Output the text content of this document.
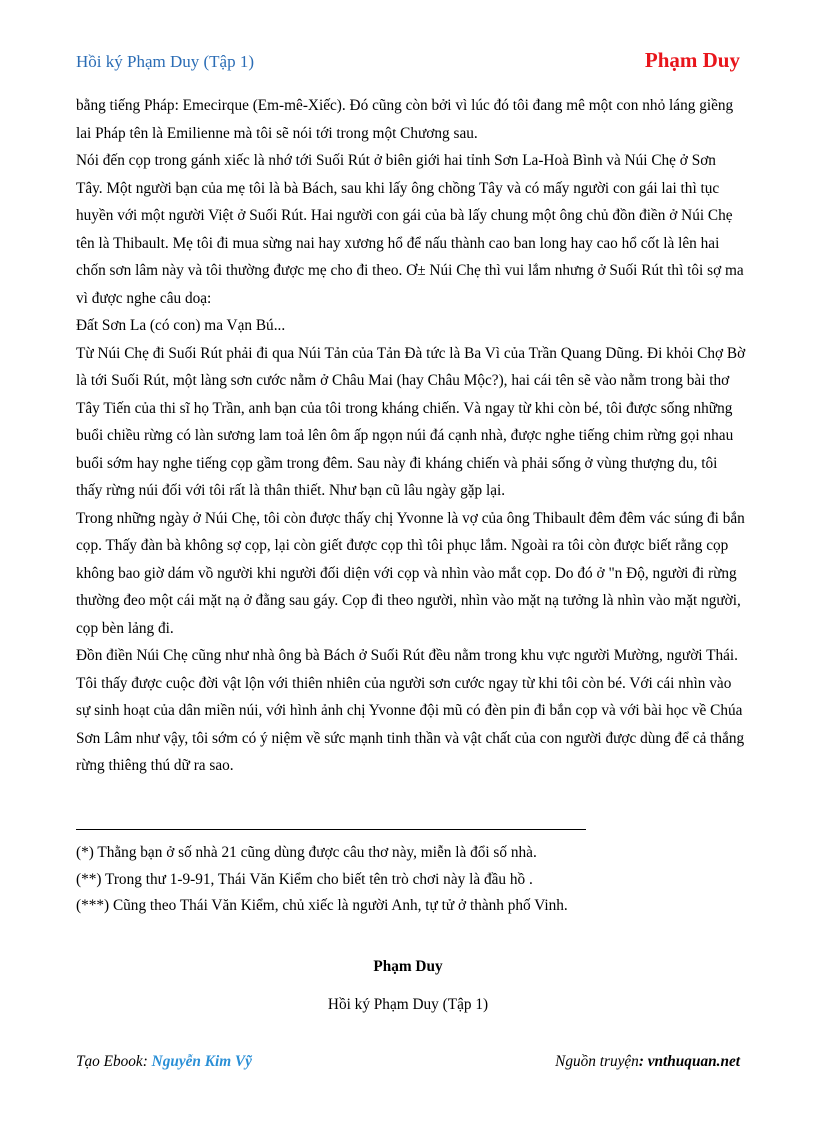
Hồi ký Phạm Duy (Tập 1)	Phạm Duy

bằng tiếng Pháp: Emecirque (Em-mê-Xiếc). Đó cũng còn bởi vì lúc đó tôi đang mê một con nhỏ láng giềng lai Pháp tên là Emilienne mà tôi sẽ nói tới trong một Chương sau.

Nói đến cọp trong gánh xiếc là nhớ tới Suối Rút ở biên giới hai tỉnh Sơn La-Hoà Bình và Núi Chẹ ở Sơn Tây. Một người bạn của mẹ tôi là bà Bách, sau khi lấy ông chồng Tây và có mấy người con gái lai thì tục huyền với một người Việt ở Suối Rút. Hai người con gái của bà lấy chung một ông chủ đồn điền ở Núi Chẹ tên là Thibault. Mẹ tôi đi mua sừng nai hay xương hổ để nấu thành cao ban long hay cao hổ cốt là lên hai chốn sơn lâm này và tôi thường được mẹ cho đi theo. Ơ± Núi Chẹ thì vui lắm nhưng ở Suối Rút thì tôi sợ ma vì được nghe câu doạ:

Đất Sơn La (có con) ma Vạn Bú...

Từ Núi Chẹ đi Suối Rút phải đi qua Núi Tản của Tản Đà tức là Ba Vì của Trần Quang Dũng. Đi khỏi Chợ Bờ là tới Suối Rút, một làng sơn cước nằm ở Châu Mai (hay Châu Mộc?), hai cái tên sẽ vào nằm trong bài thơ Tây Tiến của thi sĩ họ Trần, anh bạn của tôi trong kháng chiến. Và ngay từ khi còn bé, tôi được sống những buổi chiều rừng có làn sương lam toả lên ôm ấp ngọn núi đá cạnh nhà, được nghe tiếng chim rừng gọi nhau buổi sớm hay nghe tiếng cọp gầm trong đêm. Sau này đi kháng chiến và phải sống ở vùng thượng du, tôi thấy rừng núi đối với tôi rất là thân thiết. Như bạn cũ lâu ngày gặp lại.

Trong những ngày ở Núi Chẹ, tôi còn được thấy chị Yvonne là vợ của ông Thibault đêm đêm vác súng đi bắn cọp. Thấy đàn bà không sợ cọp, lại còn giết được cọp thì tôi phục lắm. Ngoài ra tôi còn được biết rằng cọp không bao giờ dám vồ người khi người đối diện với cọp và nhìn vào mắt cọp. Do đó ở "n Độ, người đi rừng thường đeo một cái mặt nạ ở đằng sau gáy. Cọp đi theo người, nhìn vào mặt nạ tưởng là nhìn vào mặt người, cọp bèn lảng đi.

Đồn điền Núi Chẹ cũng như nhà ông bà Bách ở Suối Rút đều nằm trong khu vực người Mường, người Thái. Tôi thấy được cuộc đời vật lộn với thiên nhiên của người sơn cước ngay từ khi tôi còn bé. Với cái nhìn vào sự sinh hoạt của dân miền núi, với hình ảnh chị Yvonne đội mũ có đèn pin đi bắn cọp và với bài học về Chúa Sơn Lâm như vậy, tôi sớm có ý niệm về sức mạnh tinh thần và vật chất của con người được dùng để cả thắng rừng thiêng thú dữ ra sao.

(*) Thằng bạn ở số nhà 21 cũng dùng được câu thơ này, miễn là đổi số nhà.

(**) Trong thư 1-9-91, Thái Văn Kiểm cho biết tên trò chơi này là đầu hồ .

(***) Cũng theo Thái Văn Kiểm, chủ xiếc là người Anh, tự tử ở thành phố Vinh.

Phạm Duy
Hồi ký Phạm Duy (Tập 1)
Tạo Ebook: Nguyễn Kim Vỹ	Nguồn truyện: vnthuquan.net
